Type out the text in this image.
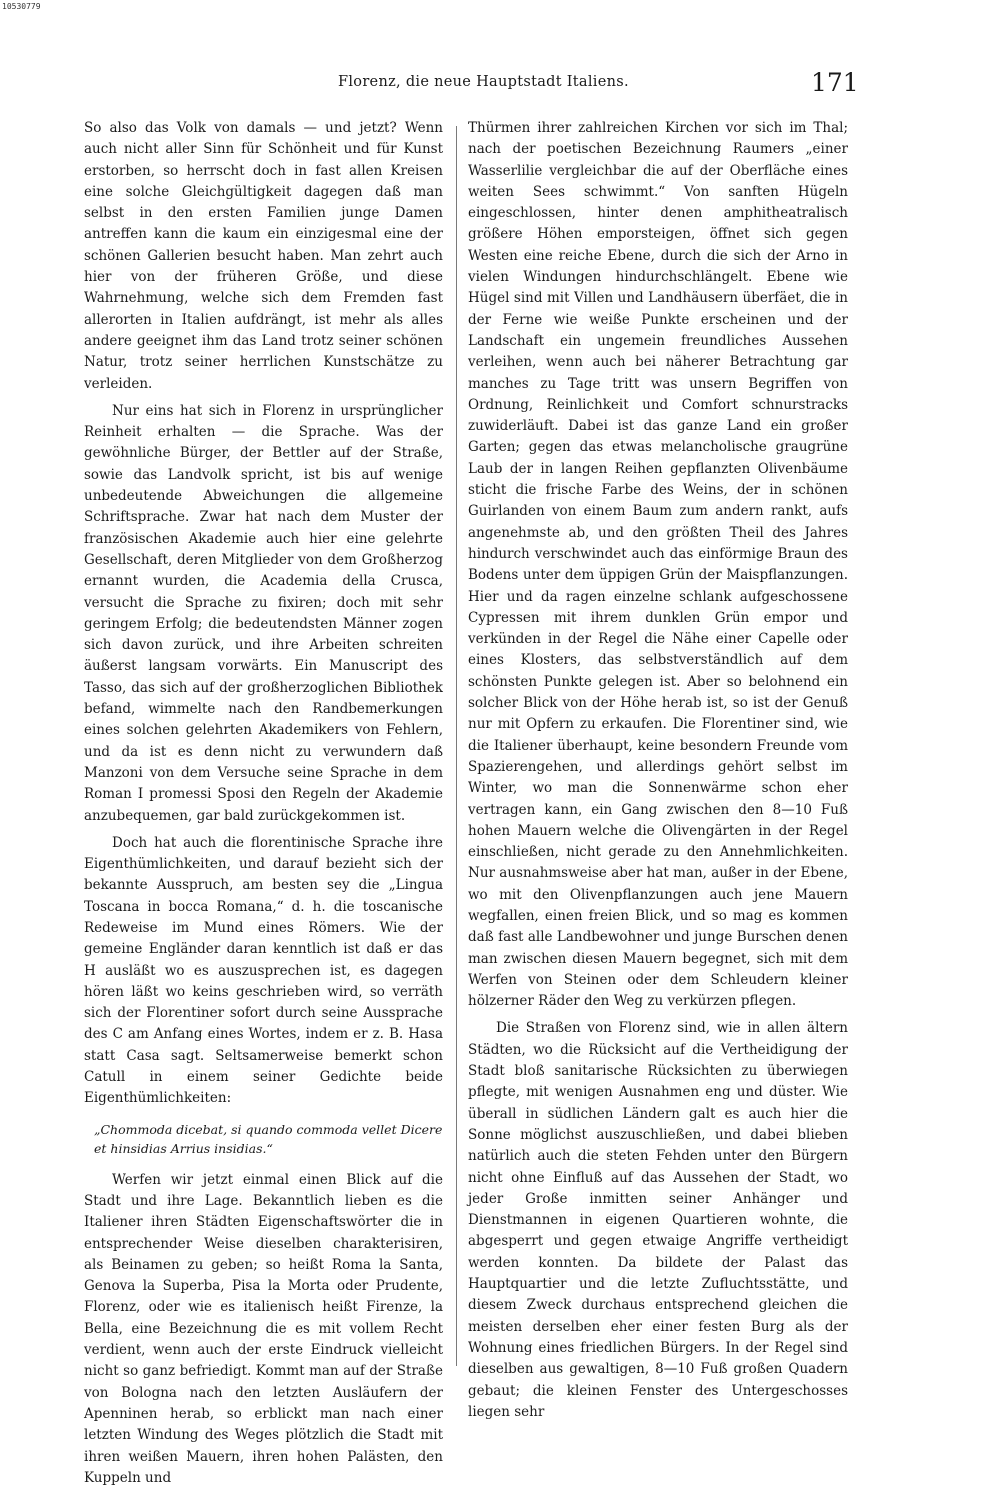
10530779
Florenz, die neue Hauptstadt Italiens.	171

So also das Volk von damals — und jetzt? Wenn auch nicht aller Sinn für Schönheit und für Kunst erstorben, so herrscht doch in fast allen Kreisen eine solche Gleichgültigkeit dagegen daß man selbst in den ersten Familien junge Damen antreffen kann die kaum ein einzigesmal eine der schönen Gallerien besucht haben. Man zehrt auch hier von der früheren Größe, und diese Wahrnehmung, welche sich dem Fremden fast allerorten in Italien aufdrängt, ist mehr als alles andere geeignet ihm das Land trotz seiner schönen Natur, trotz seiner herrlichen Kunstschätze zu verleiden.

Nur eins hat sich in Florenz in ursprünglicher Reinheit erhalten — die Sprache. Was der gewöhnliche Bürger, der Bettler auf der Straße, sowie das Landvolk spricht, ist bis auf wenige unbedeutende Abweichungen die allgemeine Schriftsprache. Zwar hat nach dem Muster der französischen Akademie auch hier eine gelehrte Gesellschaft, deren Mitglieder von dem Großherzog ernannt wurden, die Academia della Crusca, versucht die Sprache zu fixiren; doch mit sehr geringem Erfolg; die bedeutendsten Männer zogen sich davon zurück, und ihre Arbeiten schreiten äußerst langsam vorwärts. Ein Manuscript des Tasso, das sich auf der großherzoglichen Bibliothek befand, wimmelte nach den Randbemerkungen eines solchen gelehrten Akademikers von Fehlern, und da ist es denn nicht zu verwundern daß Manzoni von dem Versuche seine Sprache in dem Roman I promessi Sposi den Regeln der Akademie anzubequemen, gar bald zurückgekommen ist.

Doch hat auch die florentinische Sprache ihre Eigenthümlichkeiten, und darauf bezieht sich der bekannte Ausspruch, am besten sey die „Lingua Toscana in bocca Romana,“ d. h. die toscanische Redeweise im Mund eines Römers. Wie der gemeine Engländer daran kenntlich ist daß er das H ausläßt wo es auszusprechen ist, es dagegen hören läßt wo keins geschrieben wird, so verräth sich der Florentiner sofort durch seine Aussprache des C am Anfang eines Wortes, indem er z. B. Hasa statt Casa sagt. Seltsamerweise bemerkt schon Catull in einem seiner Gedichte beide Eigenthümlichkeiten:

„Chommoda dicebat, si quando commoda vellet Dicere et hinsidias Arrius insidias.“

Werfen wir jetzt einmal einen Blick auf die Stadt und ihre Lage. Bekanntlich lieben es die Italiener ihren Städten Eigenschaftswörter die in entsprechender Weise dieselben charakterisiren, als Beinamen zu geben; so heißt Roma la Santa, Genova la Superba, Pisa la Morta oder Prudente, Florenz, oder wie es italienisch heißt Firenze, la Bella, eine Bezeichnung die es mit vollem Recht verdient, wenn auch der erste Eindruck vielleicht nicht so ganz befriedigt. Kommt man auf der Straße von Bologna nach den letzten Ausläufern der Apenninen herab, so erblickt man nach einer letzten Windung des Weges plötzlich die Stadt mit ihren weißen Mauern, ihren hohen Palästen, den Kuppeln und

Thürmen ihrer zahlreichen Kirchen vor sich im Thal; nach der poetischen Bezeichnung Raumers „einer Wasserlilie vergleichbar die auf der Oberfläche eines weiten Sees schwimmt.“ Von sanften Hügeln eingeschlossen, hinter denen amphitheatralisch größere Höhen emporsteigen, öffnet sich gegen Westen eine reiche Ebene, durch die sich der Arno in vielen Windungen hindurchschlängelt. Ebene wie Hügel sind mit Villen und Landhäusern überfäet, die in der Ferne wie weiße Punkte erscheinen und der Landschaft ein ungemein freundliches Aussehen verleihen, wenn auch bei näherer Betrachtung gar manches zu Tage tritt was unsern Begriffen von Ordnung, Reinlichkeit und Comfort schnurstracks zuwiderläuft. Dabei ist das ganze Land ein großer Garten; gegen das etwas melancholische graugrüne Laub der in langen Reihen gepflanzten Olivenbäume sticht die frische Farbe des Weins, der in schönen Guirlanden von einem Baum zum andern rankt, aufs angenehmste ab, und den größten Theil des Jahres hindurch verschwindet auch das einförmige Braun des Bodens unter dem üppigen Grün der Maispflanzungen. Hier und da ragen einzelne schlank aufgeschossene Cypressen mit ihrem dunklen Grün empor und verkünden in der Regel die Nähe einer Capelle oder eines Klosters, das selbstverständlich auf dem schönsten Punkte gelegen ist. Aber so belohnend ein solcher Blick von der Höhe herab ist, so ist der Genuß nur mit Opfern zu erkaufen. Die Florentiner sind, wie die Italiener überhaupt, keine besondern Freunde vom Spazierengehen, und allerdings gehört selbst im Winter, wo man die Sonnenwärme schon eher vertragen kann, ein Gang zwischen den 8—10 Fuß hohen Mauern welche die Olivengärten in der Regel einschließen, nicht gerade zu den Annehmlichkeiten. Nur ausnahmsweise aber hat man, außer in der Ebene, wo mit den Olivenpflanzungen auch jene Mauern wegfallen, einen freien Blick, und so mag es kommen daß fast alle Landbewohner und junge Burschen denen man zwischen diesen Mauern begegnet, sich mit dem Werfen von Steinen oder dem Schleudern kleiner hölzerner Räder den Weg zu verkürzen pflegen.

Die Straßen von Florenz sind, wie in allen ältern Städten, wo die Rücksicht auf die Vertheidigung der Stadt bloß sanitarische Rücksichten zu überwiegen pflegte, mit wenigen Ausnahmen eng und düster. Wie überall in südlichen Ländern galt es auch hier die Sonne möglichst auszuschließen, und dabei blieben natürlich auch die steten Fehden unter den Bürgern nicht ohne Einfluß auf das Aussehen der Stadt, wo jeder Große inmitten seiner Anhänger und Dienstmannen in eigenen Quartieren wohnte, die abgesperrt und gegen etwaige Angriffe vertheidigt werden konnten. Da bildete der Palast das Hauptquartier und die letzte Zufluchtsstätte, und diesem Zweck durchaus entsprechend gleichen die meisten derselben eher einer festen Burg als der Wohnung eines friedlichen Bürgers. In der Regel sind dieselben aus gewaltigen, 8—10 Fuß großen Quadern gebaut; die kleinen Fenster des Untergeschosses liegen sehr
